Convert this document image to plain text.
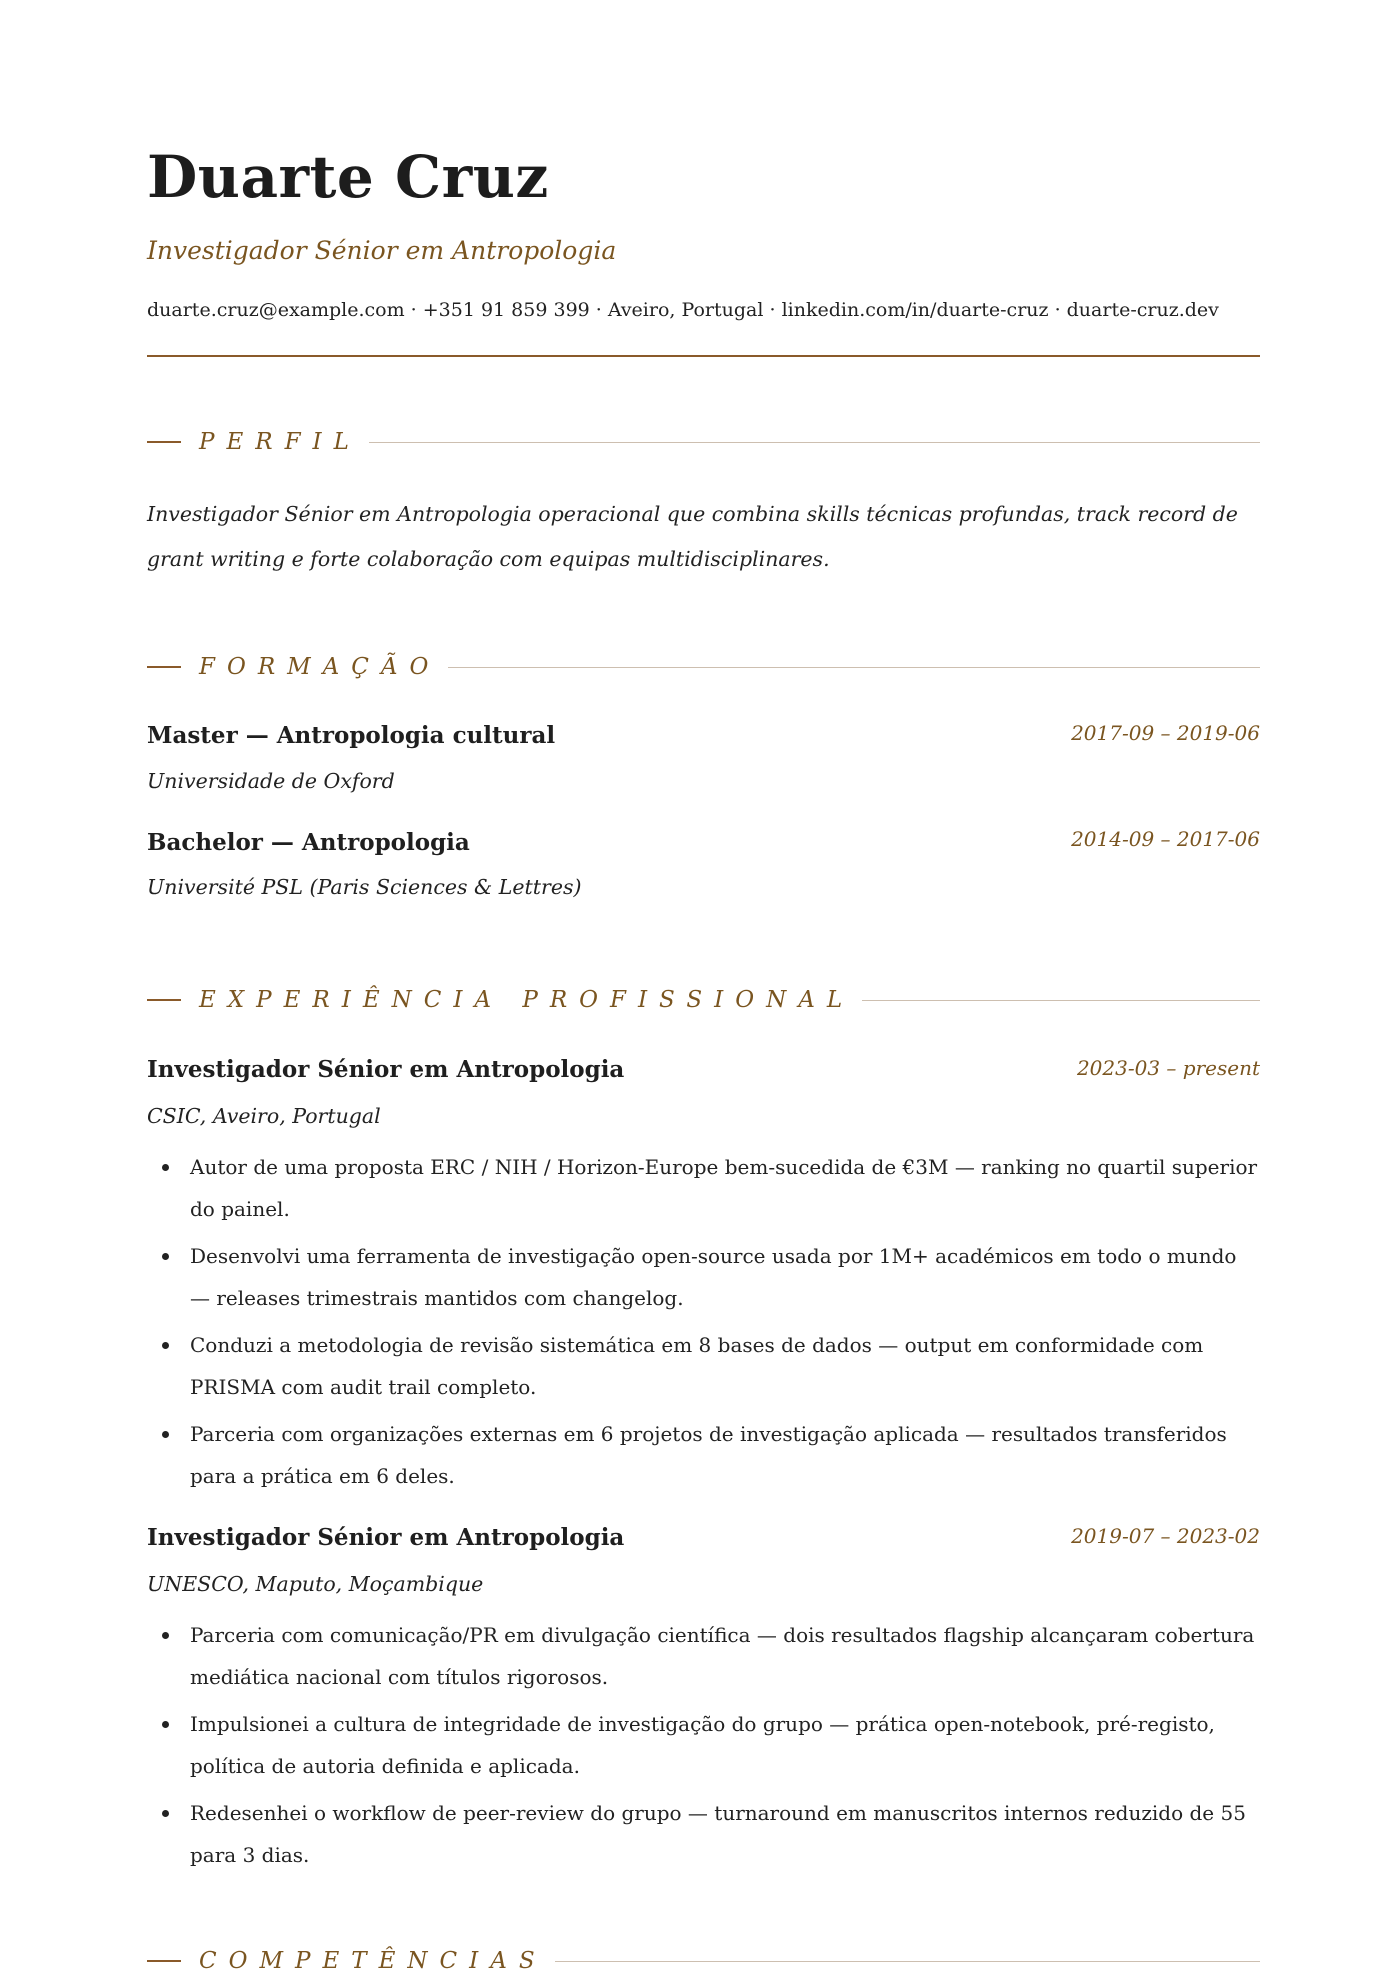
Duarte Cruz
Investigador Sénior em Antropologia
duarte.cruz@example.com · +351 91 859 399 · Aveiro, Portugal · linkedin.com/in/duarte-cruz · duarte-cruz.dev
PERFIL
Investigador Sénior em Antropologia operacional que combina skills técnicas profundas, track record de grant writing e forte colaboração com equipas multidisciplinares.
FORMAÇÃO
Master — Antropologia cultural	2017-09 – 2019-06
Universidade de Oxford
Bachelor — Antropologia	2014-09 – 2017-06
Université PSL (Paris Sciences & Lettres)
EXPERIÊNCIA PROFISSIONAL
Investigador Sénior em Antropologia	2023-03 – present
CSIC, Aveiro, Portugal
Autor de uma proposta ERC / NIH / Horizon-Europe bem-sucedida de €3M — ranking no quartil superior do painel.
Desenvolvi uma ferramenta de investigação open-source usada por 1M+ académicos em todo o mundo — releases trimestrais mantidos com changelog.
Conduzi a metodologia de revisão sistemática em 8 bases de dados — output em conformidade com PRISMA com audit trail completo.
Parceria com organizações externas em 6 projetos de investigação aplicada — resultados transferidos para a prática em 6 deles.
Investigador Sénior em Antropologia	2019-07 – 2023-02
UNESCO, Maputo, Moçambique
Parceria com comunicação/PR em divulgação científica — dois resultados flagship alcançaram cobertura mediática nacional com títulos rigorosos.
Impulsionei a cultura de integridade de investigação do grupo — prática open-notebook, pré-registo, política de autoria definida e aplicada.
Redesenhei o workflow de peer-review do grupo — turnaround em manuscritos internos reduzido de 55 para 3 dias.
COMPETÊNCIAS
